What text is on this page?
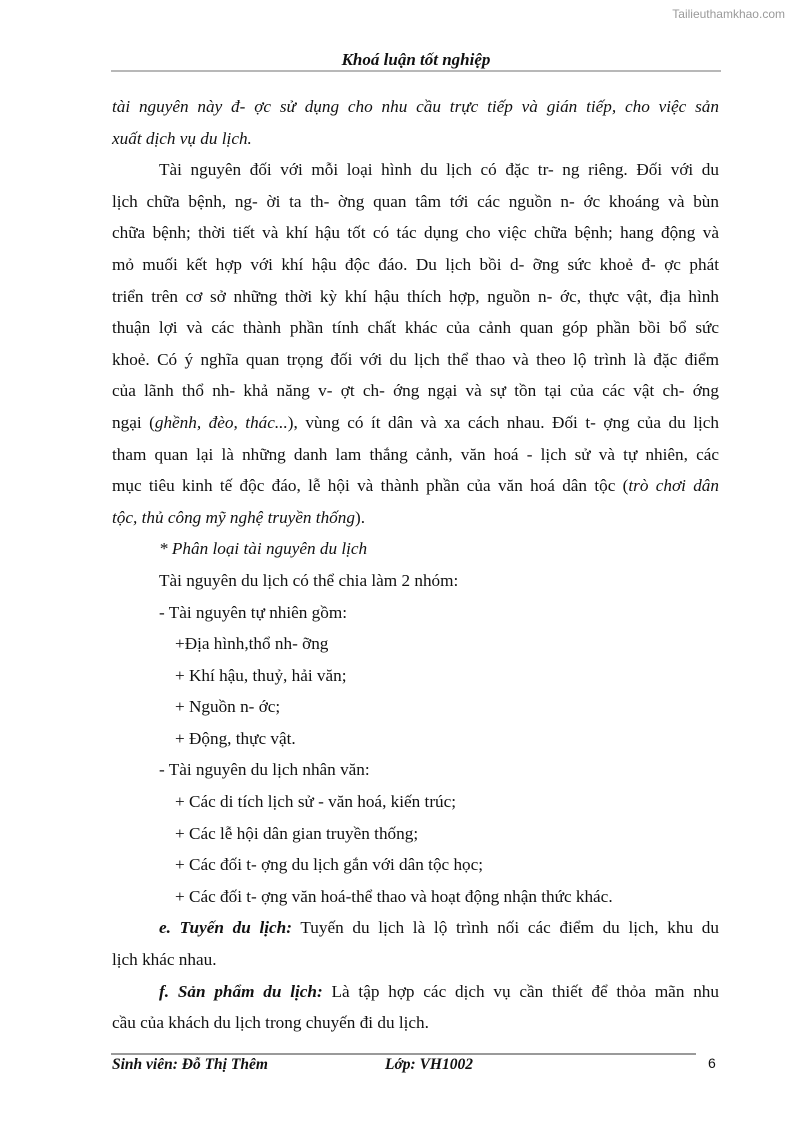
Tailieuthamkhao.com
Khoá luận tốt nghiệp
tài nguyên này đ- ợc sử dụng cho nhu cầu trực tiếp và gián tiếp, cho việc sản
xuất dịch vụ du lịch.
Tài nguyên đối với mỗi loại hình du lịch có đặc tr- ng riêng. Đối với du
lịch chữa bệnh, ng- ời ta th- ờng quan tâm tới các nguồn n- ớc khoáng và bùn
chữa bệnh; thời tiết và khí hậu tốt có tác dụng cho việc chữa bệnh; hang động và
mỏ muối kết hợp với khí hậu độc đáo. Du lịch bồi d- ỡng sức khoẻ đ- ợc phát
triển trên cơ sở những thời kỳ khí hậu thích hợp, nguồn n- ớc, thực vật, địa hình
thuận lợi và các thành phần tính chất khác của cảnh quan góp phần bồi bổ sức
khoẻ. Có ý nghĩa quan trọng đối với du lịch thể thao và theo lộ trình là đặc điểm
của lãnh thổ nh- khả năng v- ợt ch- ớng ngại và sự tồn tại của các vật ch- ớng
ngại (ghềnh, đèo, thác...), vùng có ít dân và xa cách nhau. Đối t- ợng của du lịch
tham quan lại là những danh lam thắng cảnh, văn hoá - lịch sử và tự nhiên, các
mục tiêu kinh tế độc đáo, lễ hội và thành phần của văn hoá dân tộc (trò chơi dân
tộc, thủ công mỹ nghệ truyền thống).
* Phân loại tài nguyên du lịch
Tài nguyên du lịch có thể chia làm 2 nhóm:
- Tài nguyên tự nhiên gồm:
+Địa hình,thổ nh- ỡng
+ Khí hậu, thuỷ, hải văn;
+ Nguồn n- ớc;
+ Động, thực vật.
- Tài nguyên du lịch nhân văn:
+ Các di tích lịch sử - văn hoá, kiến trúc;
+ Các lễ hội dân gian truyền thống;
+ Các đối t- ợng du lịch gắn với dân tộc học;
+ Các đối t- ợng văn hoá-thể thao và hoạt động nhận thức khác.
e. Tuyến du lịch: Tuyến du lịch là lộ trình nối các điểm du lịch, khu du
lịch khác nhau.
f. Sản phẩm du lịch: Là tập hợp các dịch vụ cần thiết để thỏa mãn nhu
cầu của khách du lịch trong chuyến đi du lịch.
Sinh viên: Đỗ Thị Thêm	Lớp: VH1002	6
